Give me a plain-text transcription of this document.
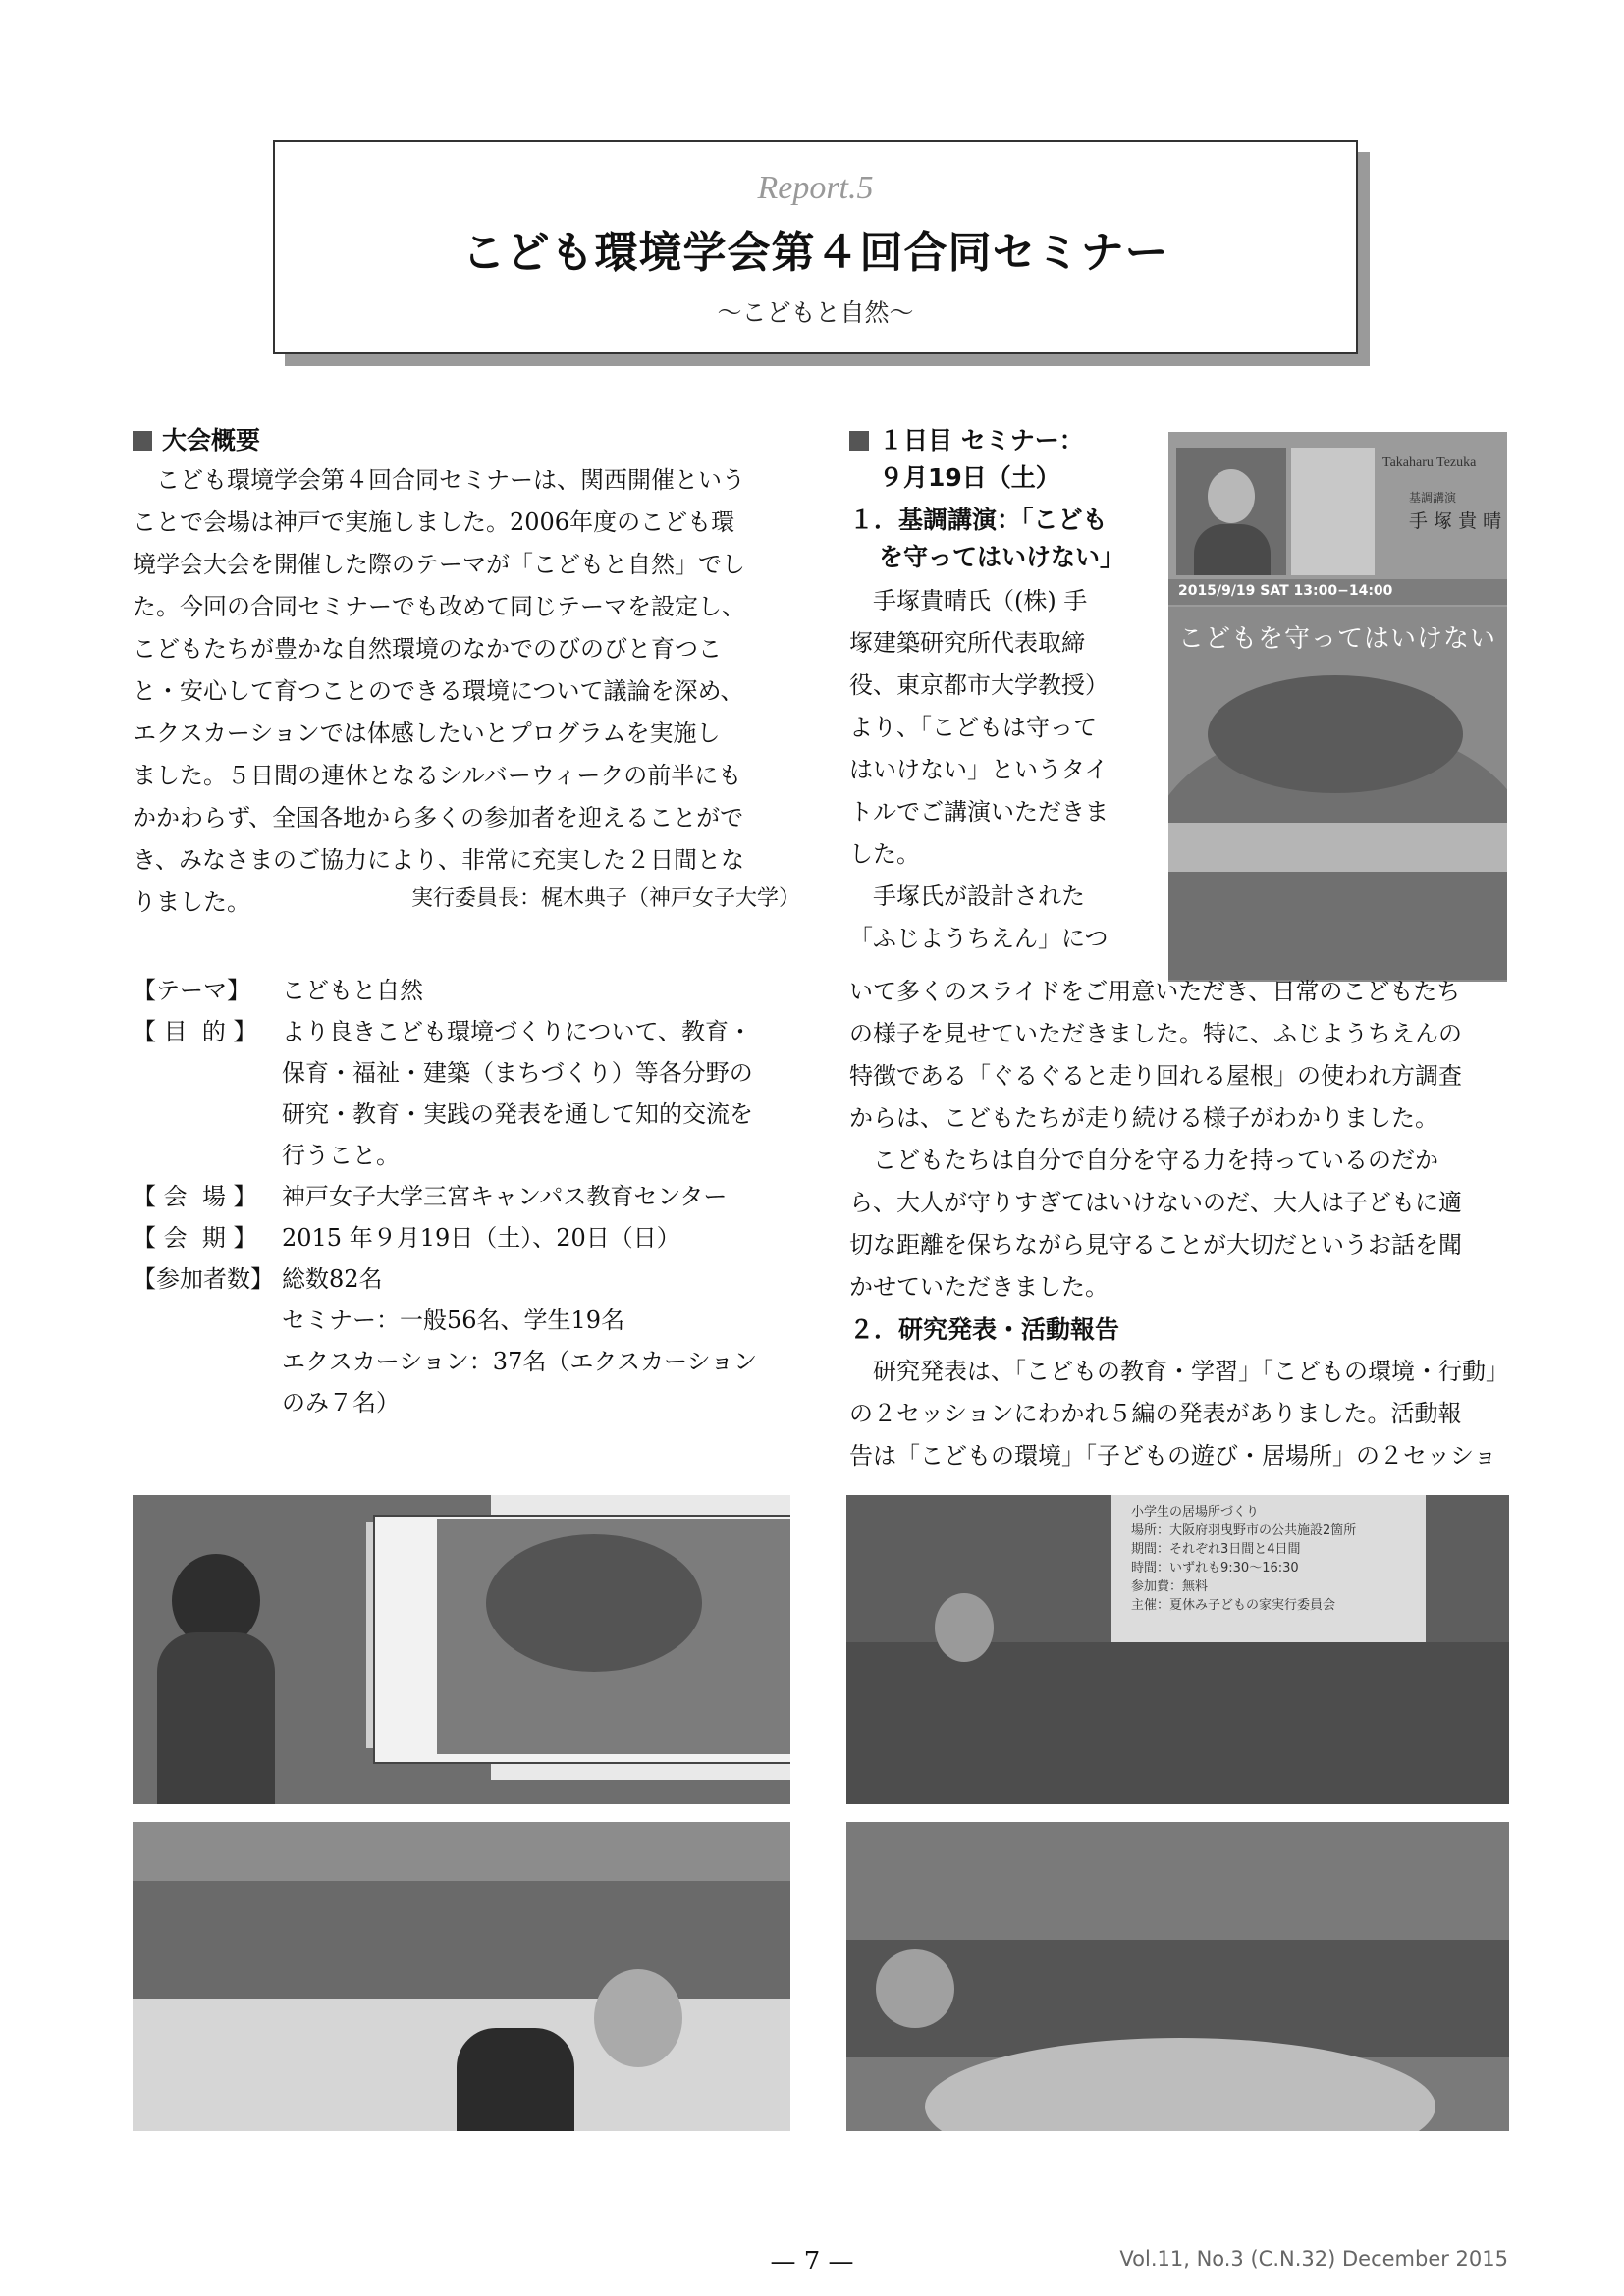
Report.5
こども環境学会第４回合同セミナー
〜こどもと自然〜
大会概要
　こども環境学会第４回合同セミナーは、関西開催という
ことで会場は神戸で実施しました。2006年度のこども環
境学会大会を開催した際のテーマが「こどもと自然」でし
た。今回の合同セミナーでも改めて同じテーマを設定し、
こどもたちが豊かな自然環境のなかでのびのびと育つこ
と・安心して育つことのできる環境について議論を深め、
エクスカーションでは体感したいとプログラムを実施し
ました。５日間の連休となるシルバーウィークの前半にも
かかわらず、全国各地から多くの参加者を迎えることがで
き、みなさまのご協力により、非常に充実した２日間とな
りました。	実行委員長：梶木典子（神戸女子大学）
【テーマ】	こどもと自然
【 目  的 】	より良きこども環境づくりについて、教育・
保育・福祉・建築（まちづくり）等各分野の
研究・教育・実践の発表を通して知的交流を
行うこと。
【 会  場 】	神戸女子大学三宮キャンパス教育センター
【 会  期 】	2015 年９月19日（土）、20日（日）
【参加者数】 総数82名
セミナー：一般56名、学生19名
エクスカーション：37名（エクスカーション
のみ７名）
１日目 セミナー：
９月19日（土）
１．基調講演：「こども
を守ってはいけない」
　手塚貴晴氏（(株) 手
塚建築研究所代表取締
役、東京都市大学教授）
より、「こどもは守って
はいけない」というタイ
トルでご講演いただきま
した。
　手塚氏が設計された
「ふじようちえん」につ
Takaharu Tezuka
基調講演
手 塚 貴 晴
2015/9/19 SAT 13:00−14:00
こどもを守ってはいけない
いて多くのスライドをご用意いただき、日常のこどもたち
の様子を見せていただきました。特に、ふじようちえんの
特徴である「ぐるぐると走り回れる屋根」の使われ方調査
からは、こどもたちが走り続ける様子がわかりました。
　こどもたちは自分で自分を守る力を持っているのだか
ら、大人が守りすぎてはいけないのだ、大人は子どもに適
切な距離を保ちながら見守ることが大切だというお話を聞
かせていただきました。
２．研究発表・活動報告
　研究発表は、「こどもの教育・学習」「こどもの環境・行動」
の２セッションにわかれ５編の発表がありました。活動報
告は「こどもの環境」「子どもの遊び・居場所」の２セッショ
小学生の居場所づくり
場所：大阪府羽曳野市の公共施設2箇所
期間：それぞれ3日間と4日間
時間：いずれも9:30〜16:30
参加費：無料
主催：夏休み子どもの家実行委員会
— 7 —	Vol.11, No.3 (C.N.32) December 2015
